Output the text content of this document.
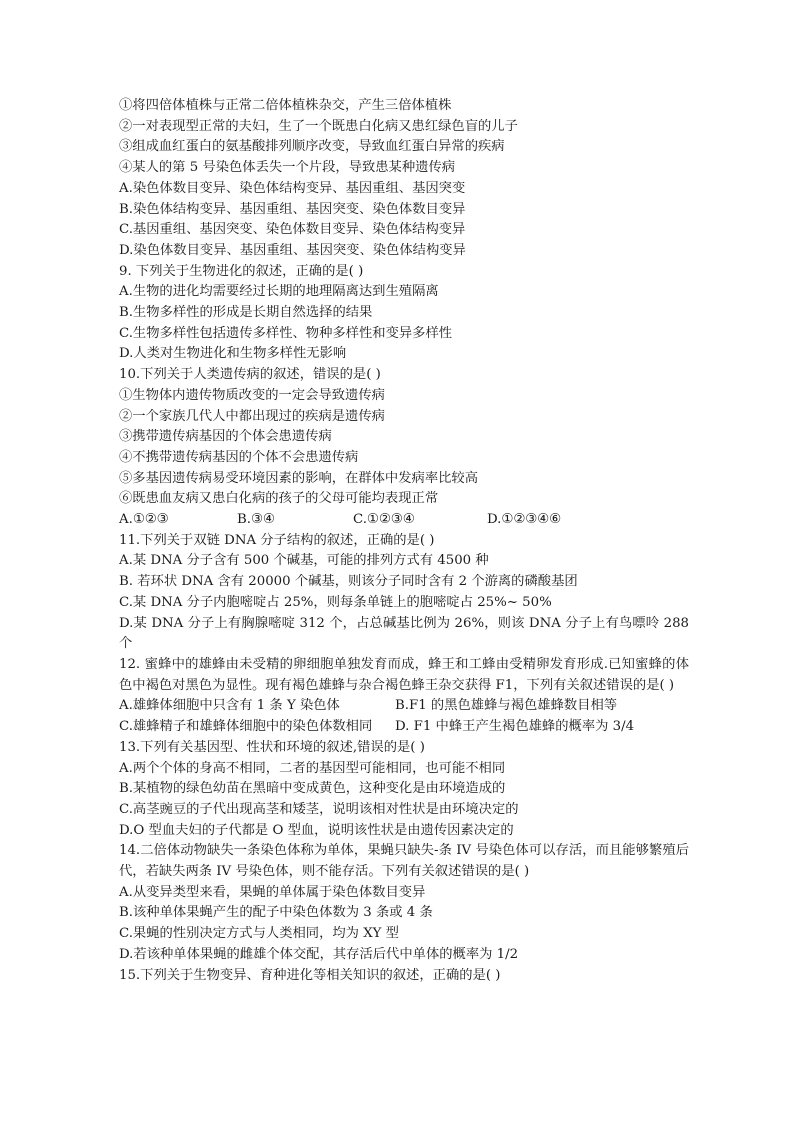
①将四倍体植株与正常二倍体植株杂交，产生三倍体植株
②一对表现型正常的夫妇，生了一个既患白化病又患红绿色盲的儿子
③组成血红蛋白的氨基酸排列顺序改变，导致血红蛋白异常的疾病
④某人的第 5 号染色体丢失一个片段，导致患某种遗传病
A.染色体数目变异、染色体结构变异、基因重组、基因突变
B.染色体结构变异、基因重组、基因突变、染色体数目变异
C.基因重组、基因突变、染色体数目变异、染色体结构变异
D.染色体数目变异、基因重组、基因突变、染色体结构变异
9. 下列关于生物进化的叙述，正确的是( )
A.生物的进化均需要经过长期的地理隔离达到生殖隔离
B.生物多样性的形成是长期自然选择的结果
C.生物多样性包括遗传多样性、物种多样性和变异多样性
D.人类对生物进化和生物多样性无影响
10.下列关于人类遗传病的叙述，错误的是( )
①生物体内遗传物质改变的一定会导致遗传病
②一个家族几代人中都出现过的疾病是遗传病
③携带遗传病基因的个体会患遗传病
④不携带遗传病基因的个体不会患遗传病
⑤多基因遗传病易受环境因素的影响，在群体中发病率比较高
⑥既患血友病又患白化病的孩子的父母可能均表现正常
A.①②③	B.③④	C.①②③④	D.①②③④⑥
11.下列关于双链 DNA 分子结构的叙述，正确的是( )
A.某 DNA 分子含有 500 个碱基，可能的排列方式有 4500 种
B. 若环状 DNA 含有 20000 个碱基，则该分子同时含有 2 个游离的磷酸基团
C.某 DNA 分子内胞嘧啶占 25%，则每条单链上的胞嘧啶占 25%~ 50%
D.某 DNA 分子上有胸腺嘧啶 312 个，占总碱基比例为 26%，则该 DNA 分子上有鸟嘌呤 288 个
12. 蜜蜂中的雄蜂由未受精的卵细胞单独发育而成，蜂王和工蜂由受精卵发育形成.已知蜜蜂的体色中褐色对黑色为显性。现有褐色雄蜂与杂合褐色蜂王杂交获得 F1，下列有关叙述错误的是( )
A.雄蜂体细胞中只含有 1 条 Y 染色体	B.F1 的黑色雄蜂与褐色雄蜂数目相等
C.雄蜂精子和雄蜂体细胞中的染色体数相同	D. F1 中蜂王产生褐色雄蜂的概率为 3/4
13.下列有关基因型、性状和环境的叙述,错误的是( )
A.两个个体的身高不相同，二者的基因型可能相同，也可能不相同
B.某植物的绿色幼苗在黑暗中变成黄色，这种变化是由环境造成的
C.高茎豌豆的子代出现高茎和矮茎，说明该相对性状是由环境决定的
D.O 型血夫妇的子代都是 O 型血，说明该性状是由遗传因素决定的
14.二倍体动物缺失一条染色体称为单体，果蝇只缺失-条 IV 号染色体可以存活，而且能够繁殖后代，若缺失两条 IV 号染色体，则不能存活。下列有关叙述错误的是( )
A.从变异类型来看，果蝇的单体属于染色体数目变异
B.该种单体果蝇产生的配子中染色体数为 3 条或 4 条
C.果蝇的性别决定方式与人类相同，均为 XY 型
D.若该种单体果蝇的雌雄个体交配，其存活后代中单体的概率为 1/2
15.下列关于生物变异、育种进化等相关知识的叙述，正确的是( )
